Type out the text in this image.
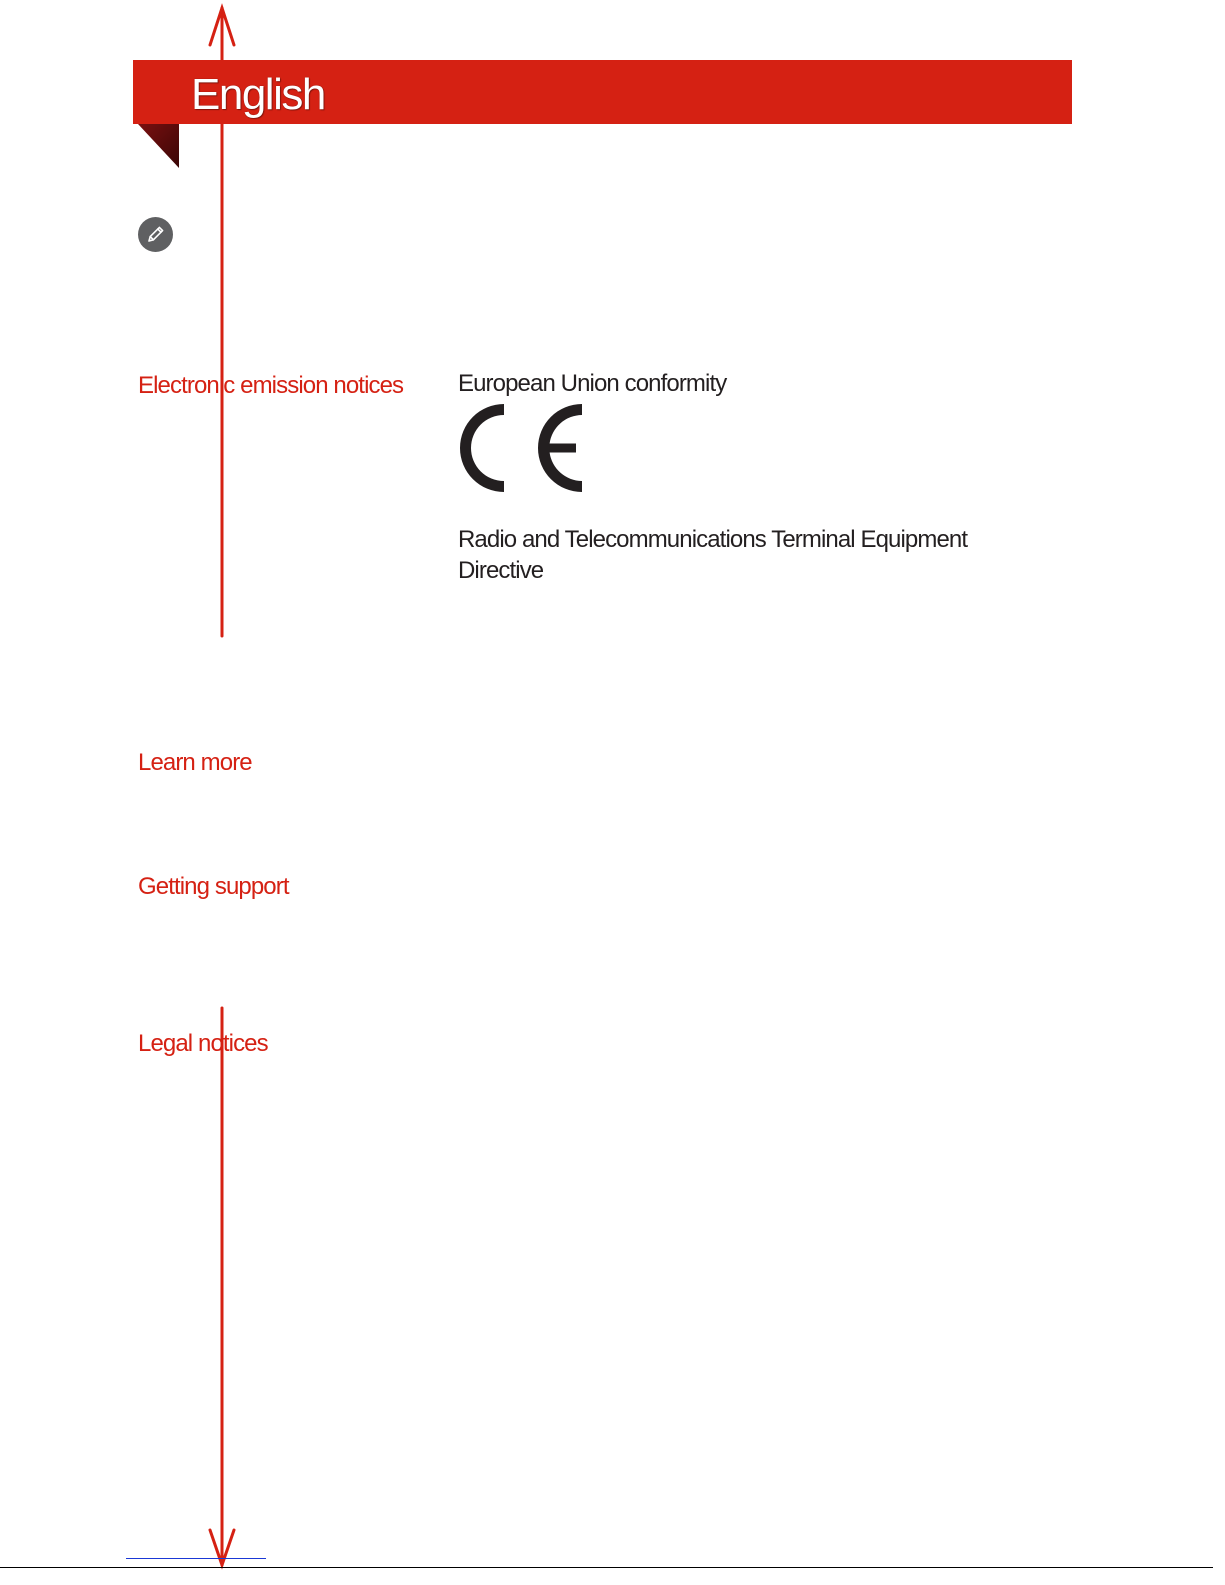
English
Electronic emission notices European Union conformity
Radio and Telecommunications Terminal Equipment Directive
Learn more
Getting support
Legal notices
